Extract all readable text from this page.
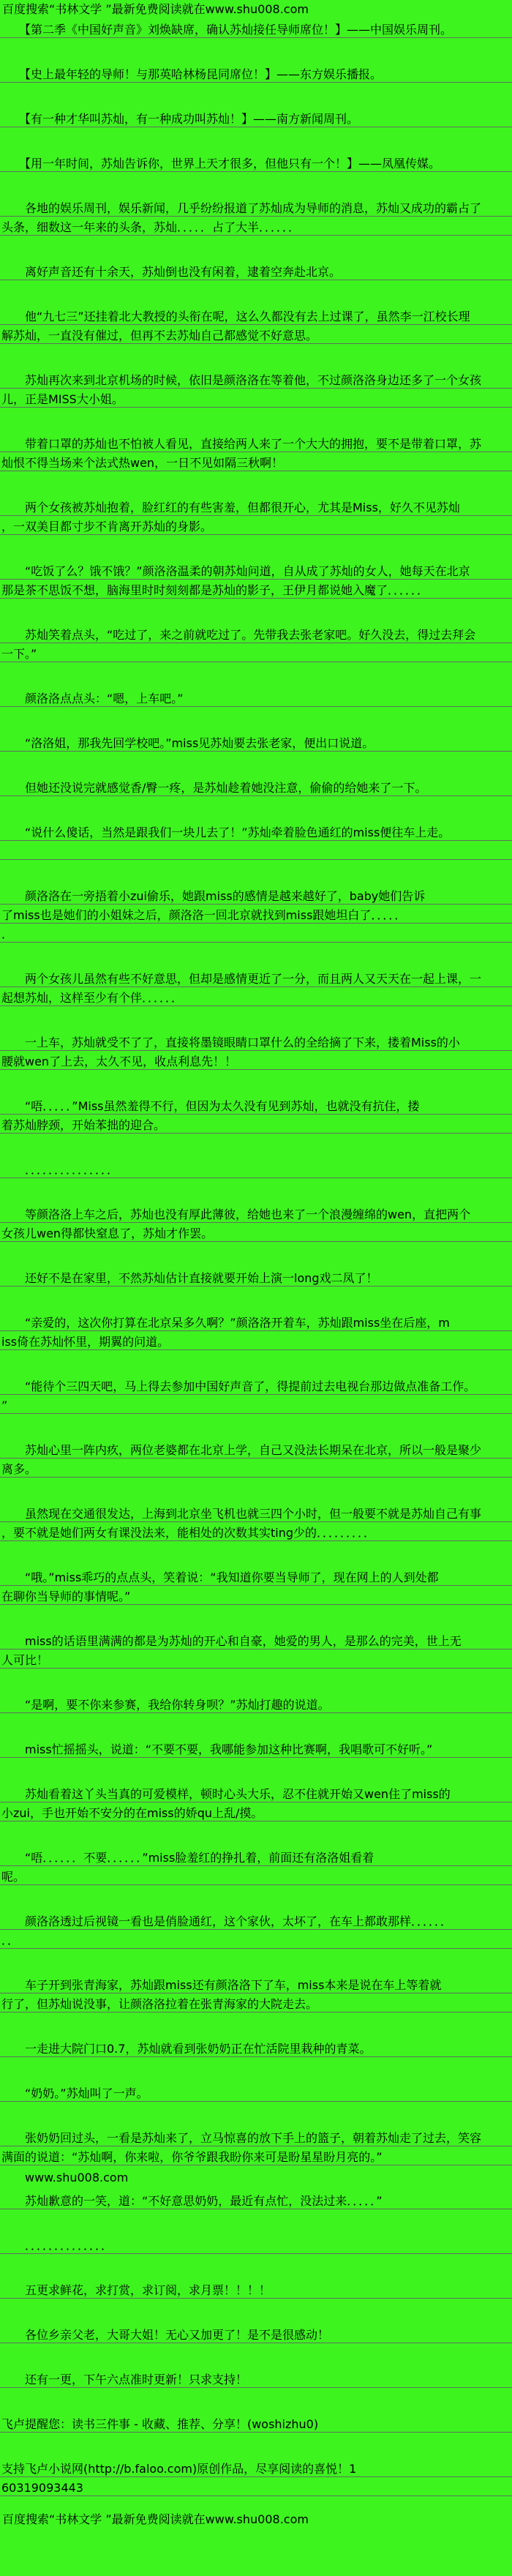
百度搜索“书林文学 ”最新免费阅读就在www.shu008.com
　　【第二季《中国好声音》刘焕缺席，确认苏灿接任导师席位！】——中国娱乐周刊。
　　【史上最年轻的导师！与那英哈林杨昆同席位！】——东方娱乐播报。
　　【有一种才华叫苏灿，有一种成功叫苏灿！】——南方新闻周刊。
　　【用一年时间，苏灿告诉你，世界上天才很多，但他只有一个！】——凤凰传媒。
　　各地的娱乐周刊，娱乐新闻，几乎纷纷报道了苏灿成为导师的消息，苏灿又成功的霸占了
头条，细数这一年来的头条，苏灿．．．．．占了大半．．．．．．
　　离好声音还有十余天，苏灿倒也没有闲着，逮着空奔赴北京。
　　他“九七三”还挂着北大教授的头衔在呢，这么久都没有去上过课了，虽然李一江校长理
解苏灿，一直没有催过，但再不去苏灿自己都感觉不好意思。
　　苏灿再次来到北京机场的时候，依旧是颜洛洛在等着他，不过颜洛洛身边还多了一个女孩
儿，正是MISS大小姐。
　　带着口罩的苏灿也不怕被人看见，直接给两人来了一个大大的拥抱，要不是带着口罩，苏
灿恨不得当场来个法式热wen，一日不见如隔三秋啊！
　　两个女孩被苏灿抱着，脸红红的有些害羞，但都很开心，尤其是Miss，好久不见苏灿
，一双美目都寸步不肯离开苏灿的身影。
　　“吃饭了么？饿不饿？”颜洛洛温柔的朝苏灿问道，自从成了苏灿的女人，她每天在北京
那是茶不思饭不想，脑海里时时刻刻都是苏灿的影子，王伊月都说她入魔了．．．．．．
　　苏灿笑着点头，“吃过了，来之前就吃过了。先带我去张老家吧。好久没去，得过去拜会
一下。”
　　颜洛洛点点头：“嗯，上车吧。”
　　“洛洛姐，那我先回学校吧。”miss见苏灿要去张老家，便出口说道。
　　但她还没说完就感觉香/臀一疼，是苏灿趁着她没注意，偷偷的给她来了一下。
　　“说什么傻话，当然是跟我们一块儿去了！”苏灿牵着脸色通红的miss便往车上走。
　　颜洛洛在一旁捂着小zui偷乐，她跟miss的感情是越来越好了，baby她们告诉
了miss也是她们的小姐妹之后，颜洛洛一回北京就找到miss跟她坦白了．．．．．
．
　　两个女孩儿虽然有些不好意思，但却是感情更近了一分，而且两人又天天在一起上课，一
起想苏灿，这样至少有个伴．．．．．．
　　一上车，苏灿就受不了了，直接将墨镜眼睛口罩什么的全给摘了下来，搂着Miss的小
腰就wen了上去，太久不见，收点利息先！！
　　“唔．．．．．”Miss虽然羞得不行，但因为太久没有见到苏灿，也就没有抗住，搂
着苏灿脖颈，开始苯拙的迎合。
　　．．．．．．．．．．．．．．．
　　等颜洛洛上车之后，苏灿也没有厚此薄彼，给她也来了一个浪漫缠绵的wen，直把两个
女孩儿wen得都快窒息了，苏灿才作罢。
　　还好不是在家里，不然苏灿估计直接就要开始上演一long戏二凤了！
　　“亲爱的，这次你打算在北京呆多久啊？”颜洛洛开着车，苏灿跟miss坐在后座，m
iss倚在苏灿怀里，期翼的问道。
　　“能待个三四天吧，马上得去参加中国好声音了，得提前过去电视台那边做点准备工作。
”
　　苏灿心里一阵内疚，两位老婆都在北京上学，自己又没法长期呆在北京，所以一般是聚少
离多。
　　虽然现在交通很发达，上海到北京坐飞机也就三四个小时，但一般要不就是苏灿自己有事
，要不就是她们两女有课没法来，能相处的次数其实ting少的．．．．．．．．．
　　“哦。”miss乖巧的点点头，笑着说：“我知道你要当导师了，现在网上的人到处都
在聊你当导师的事情呢。”
　　miss的话语里满满的都是为苏灿的开心和自豪，她爱的男人，是那么的完美，世上无
人可比！
　　“是啊，要不你来参赛，我给你转身呗？”苏灿打趣的说道。
　　miss忙摇摇头，说道：“不要不要，我哪能参加这种比赛啊，我唱歌可不好听。”
　　苏灿看着这丫头当真的可爱模样，顿时心头大乐，忍不住就开始又wen住了miss的
小zui，手也开始不安分的在miss的娇qu上乱/摸。
　　“唔．．．．．．不要．．．．．．”miss脸羞红的挣扎着，前面还有洛洛姐看着
呢。
　　颜洛洛透过后视镜一看也是俏脸通红，这个家伙，太坏了，在车上都敢那样．．．．．．
．．
　　车子开到张青海家，苏灿跟miss还有颜洛洛下了车，miss本来是说在车上等着就
行了，但苏灿说没事，让颜洛洛拉着在张青海家的大院走去。
　　一走进大院门口0.7，苏灿就看到张奶奶正在忙活院里栽种的青菜。
　　“奶奶。”苏灿叫了一声。
　　张奶奶回过头，一看是苏灿来了，立马惊喜的放下手上的篮子，朝着苏灿走了过去，笑容
满面的说道：“苏灿啊，你来啦，你爷爷跟我盼你来可是盼星星盼月亮的。”
　　www.shu008.com
　　苏灿歉意的一笑，道：“不好意思奶奶，最近有点忙，没法过来．．．．．”
　　．．．．．．．．．．．．．．
　　五更求鲜花，求打赏，求订阅，求月票！！！！
　　各位乡亲父老，大哥大姐！无心又加更了！是不是很感动！
　　还有一更，下午六点准时更新！只求支持！
飞卢提醒您：读书三件事 - 收藏、推荐、分享！(woshizhu0)
支持飞卢小说网(http://b.faloo.com)原创作品，尽享阅读的喜悦！1
60319093443
百度搜索“书林文学 ”最新免费阅读就在www.shu008.com
